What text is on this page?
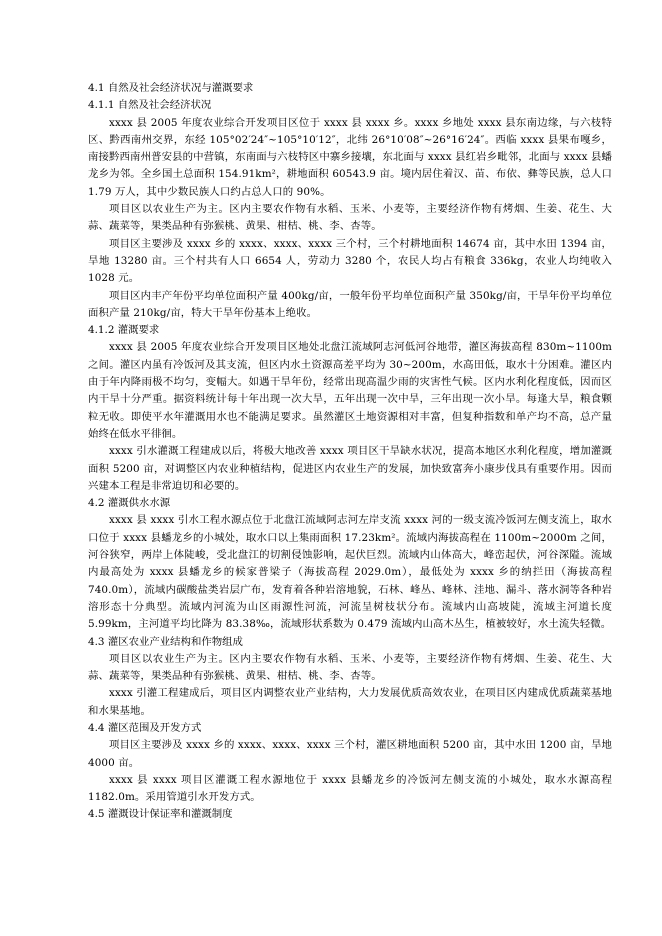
4.1 自然及社会经济状况与灌溉要求

4.1.1 自然及社会经济状况

xxxx 县 2005 年度农业综合开发项目区位于 xxxx 县 xxxx 乡。xxxx 乡地处 xxxx 县东南边缘，与六枝特区、黔西南州交界，东经 105°02′24″~105°10′12″，北纬 26°10′08″~26°16′24″。西临 xxxx 县果布嘎乡，南接黔西南州普安县的中营镇，东南面与六枝特区中寨乡接壤，东北面与 xxxx 县红岩乡毗邻，北面与 xxxx 县蟠龙乡为邻。全乡国土总面积 154.91km²，耕地面积 60543.9 亩。境内居住着汉、苗、布依、彝等民族，总人口 1.79 万人，其中少数民族人口约占总人口的 90%。

项目区以农业生产为主。区内主要农作物有水稻、玉米、小麦等，主要经济作物有烤烟、生姜、花生、大蒜、蔬菜等，果类品种有弥猴桃、黄果、柑桔、桃、李、杏等。

项目区主要涉及 xxxx 乡的 xxxx、xxxx、xxxx 三个村，三个村耕地面积 14674 亩，其中水田 1394 亩，旱地 13280 亩。三个村共有人口 6654 人，劳动力 3280 个，农民人均占有粮食 336kg，农业人均纯收入 1028 元。

项目区内丰产年份平均单位面积产量 400kg/亩，一般年份平均单位面积产量 350kg/亩，干旱年份平均单位面积产量 210kg/亩，特大干旱年份基本上绝收。

4.1.2 灌溉要求

xxxx 县 2005 年度农业综合开发项目区地处北盘江流域阿志河低河谷地带，灌区海拔高程 830m~1100m 之间。灌区内虽有冷饭河及其支流，但区内水土资源高差平均为 30~200m，水高田低，取水十分困难。灌区内由于年内降雨极不均匀，变幅大。如遇干旱年份，经常出现高温少雨的灾害性气候。区内水利化程度低，因而区内干旱十分严重。据资料统计每十年出现一次大旱，五年出现一次中旱，三年出现一次小旱。每逢大旱，粮食颗粒无收。即使平水年灌溉用水也不能满足要求。虽然灌区土地资源相对丰富，但复种指数和单产均不高，总产量始终在低水平徘徊。

xxxx 引水灌溉工程建成以后，将极大地改善 xxxx 项目区干旱缺水状况，提高本地区水利化程度，增加灌溉面积 5200 亩，对调整区内农业种植结构，促进区内农业生产的发展，加快致富奔小康步伐具有重要作用。因而兴建本工程是非常迫切和必要的。

4.2 灌溉供水水源

xxxx 县 xxxx 引水工程水源点位于北盘江流域阿志河左岸支流 xxxx 河的一级支流冷饭河左侧支流上，取水口位于 xxxx 县蟠龙乡的小城处，取水口以上集雨面积 17.23km²。流域内海拔高程在 1100m~2000m 之间，河谷狭窄，两岸上体陡峻，受北盘江的切割侵蚀影响，起伏巨烈。流域内山体高大，峰峦起伏，河谷深隘。流域内最高处为 xxxx 县蟠龙乡的候家普梁子（海拔高程 2029.0m），最低处为 xxxx 乡的纳拦田（海拔高程 740.0m），流域内碳酸盐类岩层广布，发育着各种岩溶地貌，石林、峰丛、峰林、洼地、漏斗、落水洞等各种岩溶形态十分典型。流域内河流为山区雨源性河流，河流呈树枝状分布。流域内山高坡陡，流域主河道长度 5.99km，主河道平均比降为 83.38‰，流域形状系数为 0.479 流域内山高木丛生，植被较好，水土流失轻微。

4.3 灌区农业产业结构和作物组成

项目区以农业生产为主。区内主要农作物有水稻、玉米、小麦等，主要经济作物有烤烟、生姜、花生、大蒜、蔬菜等，果类品种有弥猴桃、黄果、柑桔、桃、李、杏等。

xxxx 引灌工程建成后，项目区内调整农业产业结构，大力发展优质高效农业，在项目区内建成优质蔬菜基地和水果基地。

4.4 灌区范围及开发方式

项目区主要涉及 xxxx 乡的 xxxx、xxxx、xxxx 三个村，灌区耕地面积 5200 亩，其中水田 1200 亩，旱地 4000 亩。

xxxx 县 xxxx 项目区灌溉工程水源地位于 xxxx 县蟠龙乡的冷饭河左侧支流的小城处，取水水源高程 1182.0m。采用管道引水开发方式。

4.5 灌溉设计保证率和灌溉制度
